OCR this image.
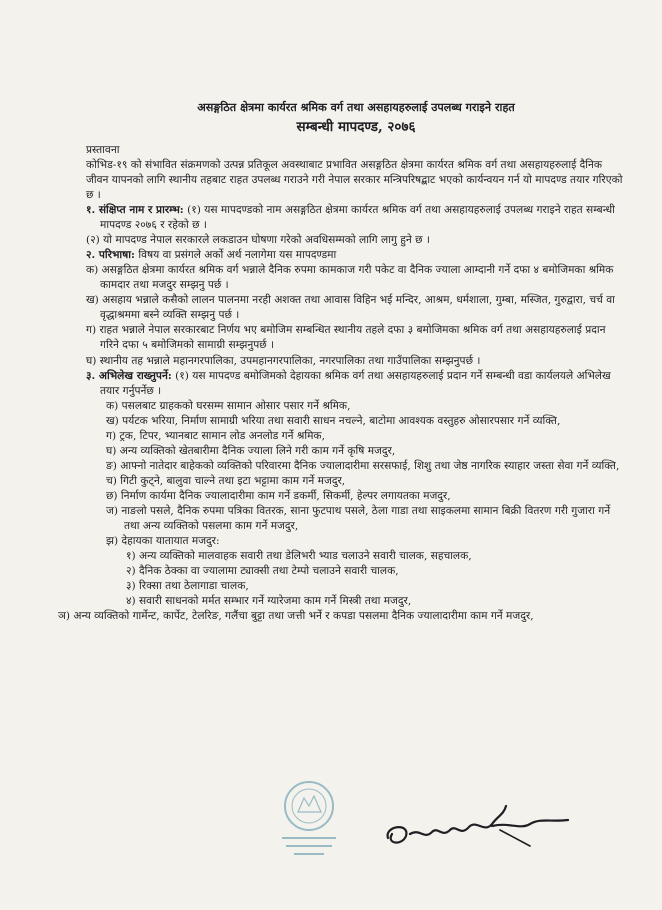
असङ्गठित क्षेत्रमा कार्यरत श्रमिक वर्ग तथा असहायहरुलाई उपलब्ध गराइने राहत
सम्बन्धी मापदण्ड, २०७६

प्रस्तावना

कोभिड-१९ को संभावित संक्रमणको उत्पन्न प्रतिकूल अवस्थाबाट प्रभावित असङ्गठित क्षेत्रमा कार्यरत श्रमिक वर्ग तथा असहायहरुलाई दैनिक जीवन यापनको लागि स्थानीय तहबाट राहत उपलब्ध गराउने गरी नेपाल सरकार मन्त्रिपरिषद्बाट भएको कार्यन्वयन गर्न यो मापदण्ड तयार गरिएको छ ।

१. संक्षिप्त नाम र प्रारम्भ: (१) यस मापदण्डको नाम असङ्गठित क्षेत्रमा कार्यरत श्रमिक वर्ग तथा असहायहरुलाई उपलब्ध गराइने राहत सम्बन्धी मापदण्ड २०७६ र रहेको छ ।

(२) यो मापदण्ड नेपाल सरकारले लकडाउन घोषणा गरेको अवधिसम्मको लागि लागु हुने छ ।

२. परिभाषा: विषय वा प्रसंगले अर्को अर्थ नलागेमा यस मापदण्डमा

क) असङ्गठित क्षेत्रमा कार्यरत श्रमिक वर्ग भन्नाले दैनिक रुपमा कामकाज गरी पकेट वा दैनिक ज्याला आम्दानी गर्ने दफा ४ बमोजिमका श्रमिक कामदार तथा मजदुर सम्झनु पर्छ ।

ख) असहाय भन्नाले कसैको लालन पालनमा नरही अशक्त तथा आवास विहिन भई मन्दिर, आश्रम, धर्मशाला, गुम्बा, मस्जित, गुरुद्वारा, चर्च वा वृद्धाश्रममा बस्ने व्यक्ति सम्झनु पर्छ ।

ग) राहत भन्नाले नेपाल सरकारबाट निर्णय भए बमोजिम सम्बन्धित स्थानीय तहले दफा ३ बमोजिमका श्रमिक वर्ग तथा असहायहरुलाई प्रदान गरिने दफा ५ बमोजिमको सामाग्री सम्झनुपर्छ ।

घ) स्थानीय तह भन्नाले महानगरपालिका, उपमहानगरपालिका, नगरपालिका तथा गाउँपालिका सम्झनुपर्छ ।

३. अभिलेख राख्नुपर्ने: (१) यस मापदण्ड बमोजिमको देहायका श्रमिक वर्ग तथा असहायहरुलाई प्रदान गर्ने सम्बन्धी वडा कार्यलयले अभिलेख तयार गर्नुपर्नेछ ।

क) पसलबाट ग्राहकको घरसम्म सामान ओसार पसार गर्ने श्रमिक,

ख) पर्यटक भरिया, निर्माण सामाग्री भरिया तथा सवारी साधन नचल्ने, बाटोमा आवश्यक वस्तुहरु ओसारपसार गर्ने व्यक्ति,

ग) ट्रक, टिपर, भ्यानबाट सामान लोड अनलोड गर्ने श्रमिक,

घ) अन्य व्यक्तिको खेतबारीमा दैनिक ज्याला लिने गरी काम गर्ने कृषि मजदुर,

ङ) आफ्नो नातेदार बाहेकको व्यक्तिको परिवारमा दैनिक ज्यालादारीमा सरसफाई, शिशु तथा जेष्ठ नागरिक स्याहार जस्ता सेवा गर्ने व्यक्ति,

च) गिटी कुट्ने, बालुवा चाल्ने तथा इटा भट्टामा काम गर्ने मजदुर,

छ) निर्माण कार्यमा दैनिक ज्यालादारीमा काम गर्ने डकर्मी, सिकर्मी, हेल्पर लगायतका मजदुर,

ज) नाङलो पसले, दैनिक रुपमा पत्रिका वितरक, साना फुटपाथ पसले, ठेला गाडा तथा साइकलमा सामान बिक्री वितरण गरी गुजारा गर्ने तथा अन्य व्यक्तिको पसलमा काम गर्ने मजदुर,

झ) देहायका यातायात मजदुर:

१) अन्य व्यक्तिको मालवाहक सवारी तथा डेलिभरी भ्याड चलाउने सवारी चालक, सहचालक,

२) दैनिक ठेक्का वा ज्यालामा ट्याक्सी तथा टेम्पो चलाउने सवारी चालक,

३) रिक्सा तथा ठेलागाडा चालक,

४) सवारी साधनको मर्मत सम्भार गर्ने ग्यारेजमा काम गर्ने मिस्त्री तथा मजदुर,

ञ) अन्य व्यक्तिको गार्मेन्ट, कार्पेट, टेलरिङ, गलैंचा बुट्टा तथा जत्ती भर्ने र कपडा पसलमा दैनिक ज्यालादारीमा काम गर्ने मजदुर,
